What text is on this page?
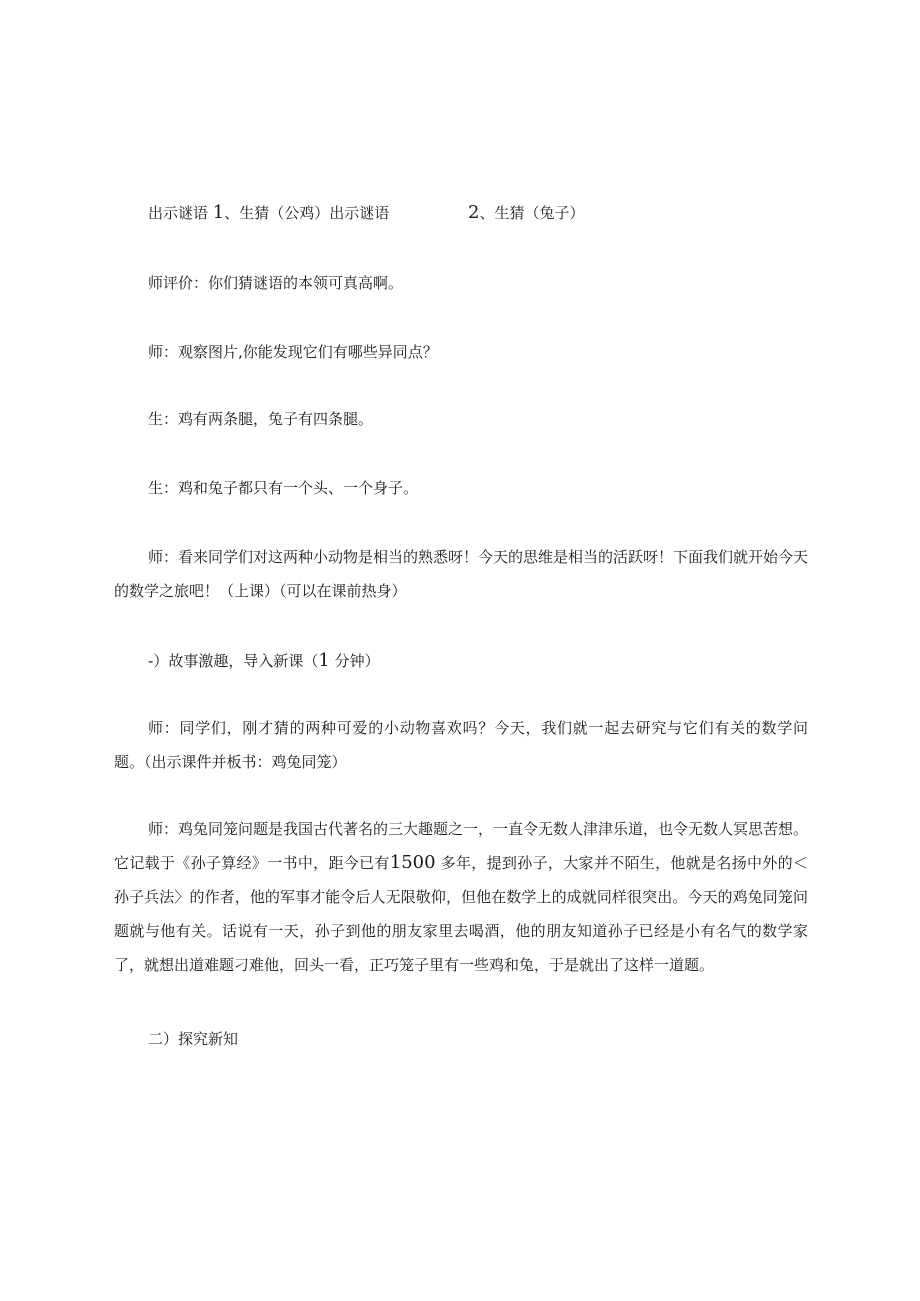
出示谜语 1、生猜（公鸡）出示谜语	2、生猜（兔子）
师评价：你们猜谜语的本领可真高啊。
师：观察图片,你能发现它们有哪些异同点？
生：鸡有两条腿，兔子有四条腿。
生：鸡和兔子都只有一个头、一个身子。
师：看来同学们对这两种小动物是相当的熟悉呀！今天的思维是相当的活跃呀！下面我们就开始今天的数学之旅吧！（上课）（可以在课前热身）
-）故事激趣，导入新课（1 分钟）
师：同学们，刚才猜的两种可爱的小动物喜欢吗？今天，我们就一起去研究与它们有关的数学问题。（出示课件并板书：鸡兔同笼）
师：鸡兔同笼问题是我国古代著名的三大趣题之一，一直令无数人津津乐道，也令无数人冥思苦想。它记载于《孙子算经》一书中，距今已有1500 多年，提到孙子，大家并不陌生，他就是名扬中外的＜孙子兵法〉的作者，他的军事才能令后人无限敬仰，但他在数学上的成就同样很突出。今天的鸡兔同笼问题就与他有关。话说有一天，孙子到他的朋友家里去喝酒，他的朋友知道孙子已经是小有名气的数学家了，就想出道难题刁难他，回头一看，正巧笼子里有一些鸡和兔，于是就出了这样一道题。
二）探究新知
